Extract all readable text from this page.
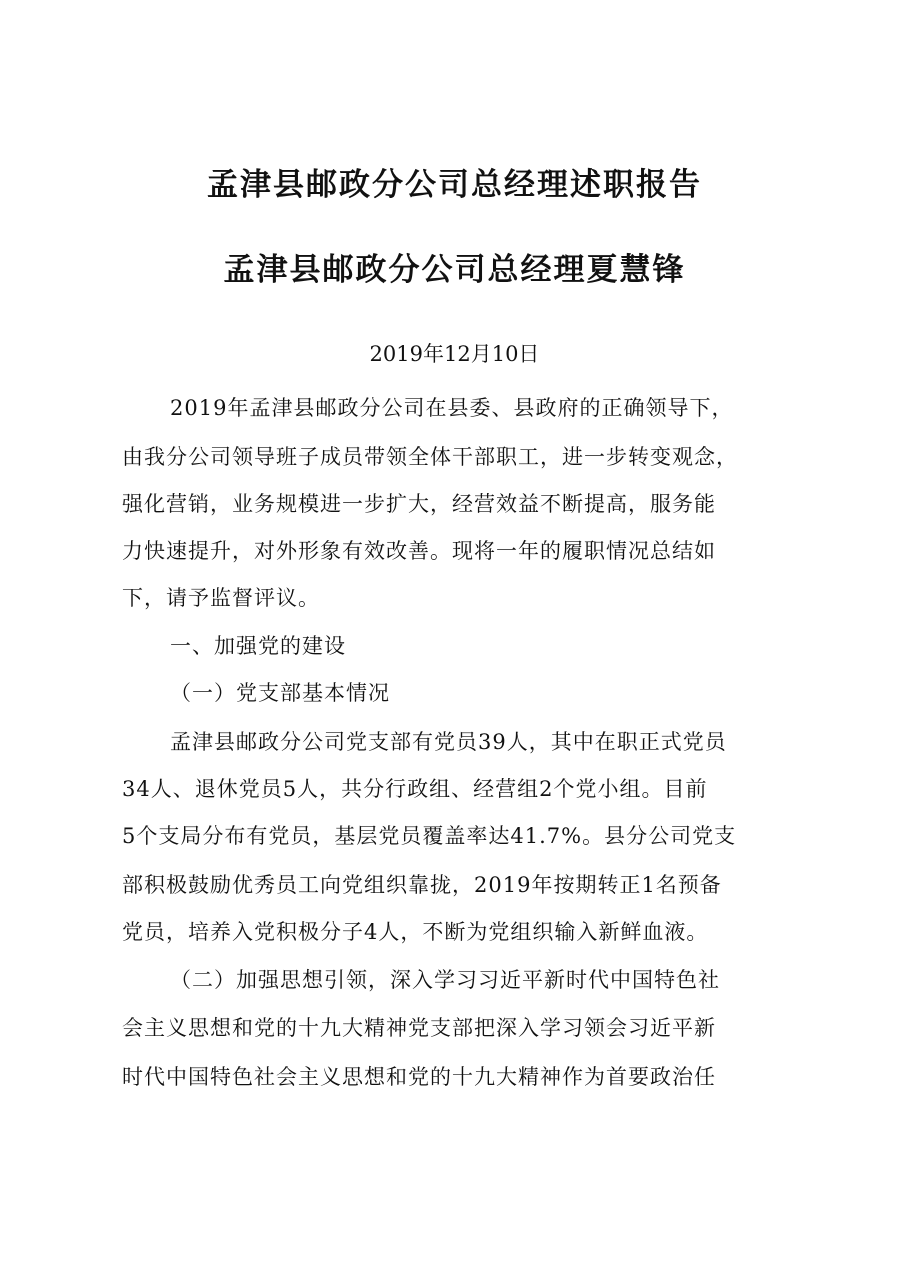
孟津县邮政分公司总经理述职报告
孟津县邮政分公司总经理夏慧锋
2019年12月10日
2019年孟津县邮政分公司在县委、县政府的正确领导下，
由我分公司领导班子成员带领全体干部职工，进一步转变观念，
强化营销，业务规模进一步扩大，经营效益不断提高，服务能
力快速提升，对外形象有效改善。现将一年的履职情况总结如
下，请予监督评议。
一、加强党的建设
（一）党支部基本情况
孟津县邮政分公司党支部有党员39人，其中在职正式党员
34人、退休党员5人，共分行政组、经营组2个党小组。目前
5个支局分布有党员，基层党员覆盖率达41.7%。县分公司党支
部积极鼓励优秀员工向党组织靠拢，2019年按期转正1名预备
党员，培养入党积极分子4人，不断为党组织输入新鲜血液。
（二）加强思想引领，深入学习习近平新时代中国特色社
会主义思想和党的十九大精神党支部把深入学习领会习近平新
时代中国特色社会主义思想和党的十九大精神作为首要政治任
